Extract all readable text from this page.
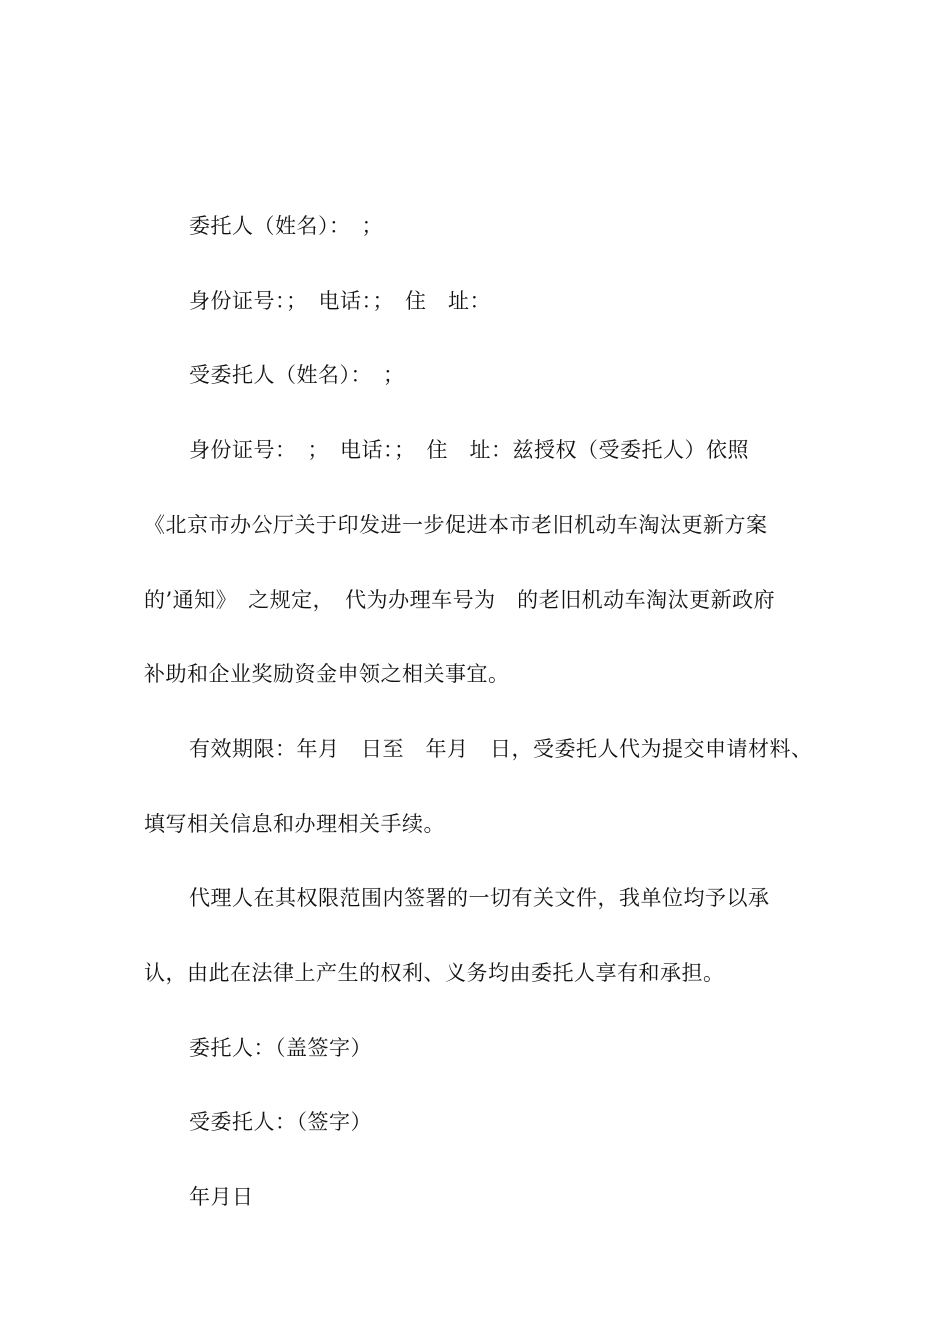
委托人（姓名）：　；
身份证号：；　电话：；　住　址：
受委托人（姓名）：　；
身份证号：　；　电话：；　住　址：兹授权（受委托人）依照
《北京市办公厅关于印发进一步促进本市老旧机动车淘汰更新方案
的’通知》　之规定，　代为办理车号为　的老旧机动车淘汰更新政府
补助和企业奖励资金申领之相关事宜。
有效期限：年月　日至　年月　日，受委托人代为提交申请材料、
填写相关信息和办理相关手续。
代理人在其权限范围内签署的一切有关文件，我单位均予以承
认，由此在法律上产生的权利、义务均由委托人享有和承担。
委托人：（盖签字）
受委托人：（签字）
年月日
